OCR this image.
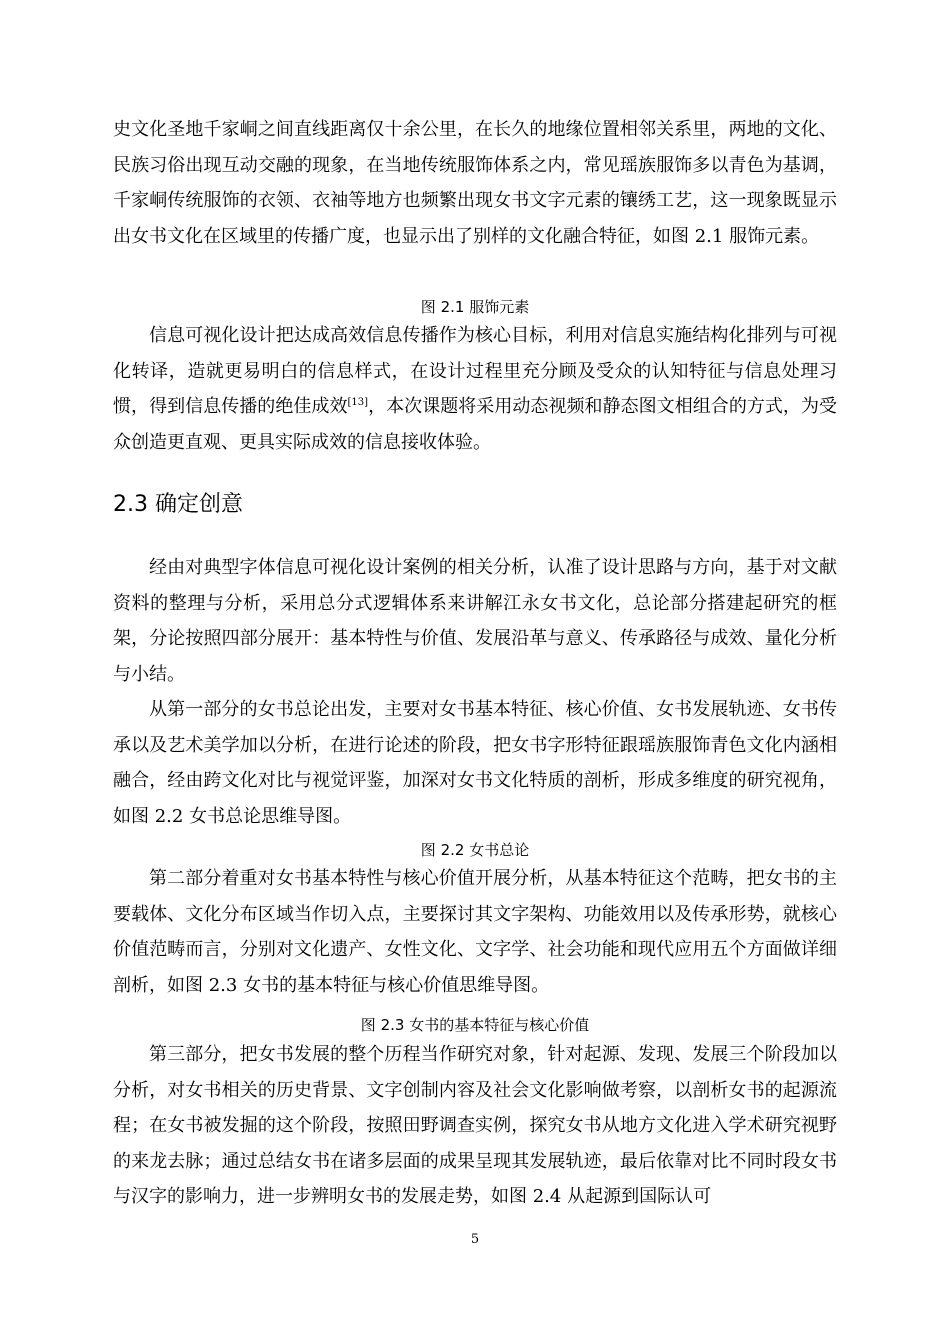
史文化圣地千家峒之间直线距离仅十余公里，在长久的地缘位置相邻关系里，两地的文化、民族习俗出现互动交融的现象，在当地传统服饰体系之内，常见瑶族服饰多以青色为基调，千家峒传统服饰的衣领、衣袖等地方也频繁出现女书文字元素的镶绣工艺，这一现象既显示出女书文化在区域里的传播广度，也显示出了别样的文化融合特征，如图 2.1 服饰元素。

图 2.1 服饰元素

信息可视化设计把达成高效信息传播作为核心目标，利用对信息实施结构化排列与可视化转译，造就更易明白的信息样式，在设计过程里充分顾及受众的认知特征与信息处理习惯，得到信息传播的绝佳成效[13]，本次课题将采用动态视频和静态图文相组合的方式，为受众创造更直观、更具实际成效的信息接收体验。

2.3 确定创意

经由对典型字体信息可视化设计案例的相关分析，认准了设计思路与方向，基于对文献资料的整理与分析，采用总分式逻辑体系来讲解江永女书文化，总论部分搭建起研究的框架，分论按照四部分展开：基本特性与价值、发展沿革与意义、传承路径与成效、量化分析与小结。

从第一部分的女书总论出发，主要对女书基本特征、核心价值、女书发展轨迹、女书传承以及艺术美学加以分析，在进行论述的阶段，把女书字形特征跟瑶族服饰青色文化内涵相融合，经由跨文化对比与视觉评鉴，加深对女书文化特质的剖析，形成多维度的研究视角，如图 2.2 女书总论思维导图。

图 2.2 女书总论

第二部分着重对女书基本特性与核心价值开展分析，从基本特征这个范畴，把女书的主要载体、文化分布区域当作切入点，主要探讨其文字架构、功能效用以及传承形势，就核心价值范畴而言，分别对文化遗产、女性文化、文字学、社会功能和现代应用五个方面做详细剖析，如图 2.3 女书的基本特征与核心价值思维导图。

图 2.3 女书的基本特征与核心价值

第三部分，把女书发展的整个历程当作研究对象，针对起源、发现、发展三个阶段加以分析，对女书相关的历史背景、文字创制内容及社会文化影响做考察，以剖析女书的起源流程；在女书被发掘的这个阶段，按照田野调查实例，探究女书从地方文化进入学术研究视野的来龙去脉；通过总结女书在诸多层面的成果呈现其发展轨迹，最后依靠对比不同时段女书与汉字的影响力，进一步辨明女书的发展走势，如图 2.4 从起源到国际认可

5
